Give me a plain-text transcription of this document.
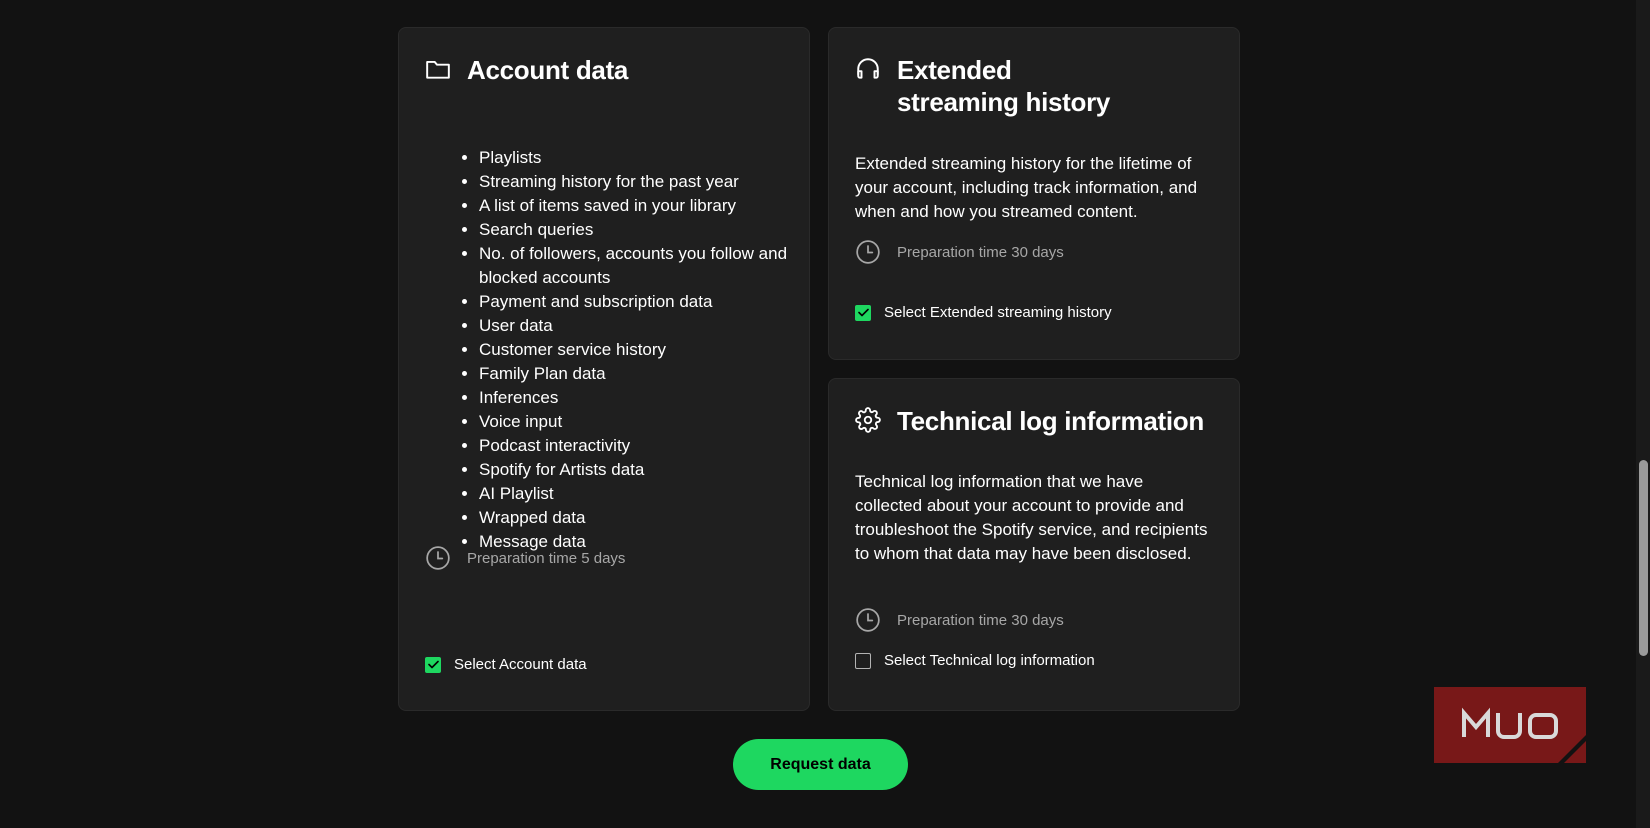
Account data
• Playlists
• Streaming history for the past year
• A list of items saved in your library
• Search queries
• No. of followers, accounts you follow and blocked accounts
• Payment and subscription data
• User data
• Customer service history
• Family Plan data
• Inferences
• Voice input
• Podcast interactivity
• Spotify for Artists data
• AI Playlist
• Wrapped data
• Message data
Preparation time 5 days
Select Account data
Extended streaming history

Extended streaming history for the lifetime of your account, including track information, and when and how you streamed content.

Preparation time 30 days
Select Extended streaming history
Technical log information

Technical log information that we have collected about your account to provide and troubleshoot the Spotify service, and recipients to whom that data may have been disclosed.

Preparation time 30 days
Select Technical log information
Request data
